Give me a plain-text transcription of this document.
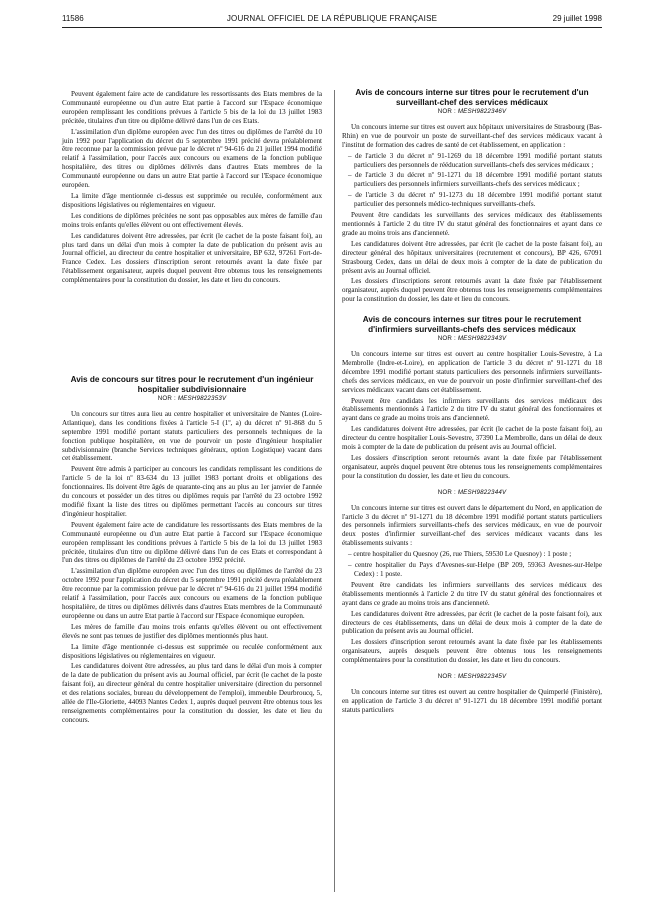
11586	JOURNAL OFFICIEL DE LA RÉPUBLIQUE FRANÇAISE	29 juillet 1998

Peuvent également faire acte de candidature les ressortissants des Etats membres de la Communauté européenne ou d'un autre Etat partie à l'accord sur l'Espace économique européen remplissant les conditions prévues à l'article 5 bis de la loi du 13 juillet 1983 précitée, titulaires d'un titre ou diplôme délivré dans l'un de ces Etats.

L'assimilation d'un diplôme européen avec l'un des titres ou diplômes de l'arrêté du 10 juin 1992 pour l'application du décret du 5 septembre 1991 précité devra préalablement être reconnue par la commission prévue par le décret nº 94-616 du 21 juillet 1994 modifié relatif à l'assimilation, pour l'accès aux concours ou examens de la fonction publique hospitalière, des titres ou diplômes délivrés dans d'autres Etats membres de la Communauté européenne ou dans un autre Etat partie à l'accord sur l'Espace économique européen.

La limite d'âge mentionnée ci-dessus est supprimée ou reculée, conformément aux dispositions législatives ou réglementaires en vigueur.

Les conditions de diplômes précitées ne sont pas opposables aux mères de famille d'au moins trois enfants qu'elles élèvent ou ont effectivement élevés.

Les candidatures doivent être adressées, par écrit (le cachet de la poste faisant foi), au plus tard dans un délai d'un mois à compter la date de publication du présent avis au Journal officiel, au directeur du centre hospitalier et universitaire, BP 632, 97261 Fort-de-France Cedex. Les dossiers d'inscription seront retournés avant la date fixée par l'établissement organisateur, auprès duquel peuvent être obtenus tous les renseignements complémentaires pour la constitution du dossier, les date et lieu du concours.

Avis de concours sur titres pour le recrutement d'un ingénieur hospitalier subdivisionnaire
NOR : MESH9822353V

Un concours sur titres aura lieu au centre hospitalier et universitaire de Nantes (Loire-Atlantique), dans les conditions fixées à l'article 5-I (1º, a) du décret nº 91-868 du 5 septembre 1991 modifié portant statuts particuliers des personnels techniques de la fonction publique hospitalière, en vue de pourvoir un poste d'ingénieur hospitalier subdivisionnaire (branche Services techniques généraux, option Logistique) vacant dans cet établissement.

Peuvent être admis à participer au concours les candidats remplissant les conditions de l'article 5 de la loi nº 83-634 du 13 juillet 1983 portant droits et obligations des fonctionnaires. Ils doivent être âgés de quarante-cinq ans au plus au 1er janvier de l'année du concours et posséder un des titres ou diplômes requis par l'arrêté du 23 octobre 1992 modifié fixant la liste des titres ou diplômes permettant l'accès au concours sur titres d'ingénieur hospitalier.

Peuvent également faire acte de candidature les ressortissants des Etats membres de la Communauté européenne ou d'un autre Etat partie à l'accord sur l'Espace économique européen remplissant les conditions prévues à l'article 5 bis de la loi du 13 juillet 1983 précitée, titulaires d'un titre ou diplôme délivré dans l'un de ces Etats et correspondant à l'un des titres ou diplômes de l'arrêté du 23 octobre 1992 précité.

L'assimilation d'un diplôme européen avec l'un des titres ou diplômes de l'arrêté du 23 octobre 1992 pour l'application du décret du 5 septembre 1991 précité devra préalablement être reconnue par la commission prévue par le décret nº 94-616 du 21 juillet 1994 modifié relatif à l'assimilation, pour l'accès aux concours ou examens de la fonction publique hospitalière, de titres ou diplômes délivrés dans d'autres Etats membres de la Communauté européenne ou dans un autre Etat partie à l'accord sur l'Espace économique européen.

Les mères de famille d'au moins trois enfants qu'elles élèvent ou ont effectivement élevés ne sont pas tenues de justifier des diplômes mentionnés plus haut.

La limite d'âge mentionnée ci-dessus est supprimée ou reculée conformément aux dispositions législatives ou réglementaires en vigueur.

Les candidatures doivent être adressées, au plus tard dans le délai d'un mois à compter de la date de publication du présent avis au Journal officiel, par écrit (le cachet de la poste faisant foi), au directeur général du centre hospitalier universitaire (direction du personnel et des relations sociales, bureau du développement de l'emploi), immeuble Deurbroucq, 5, allée de l'Ile-Gloriette, 44093 Nantes Cedex 1, auprès duquel peuvent être obtenus tous les renseignements complémentaires pour la constitution du dossier, les date et lieu du concours.

Avis de concours interne sur titres pour le recrutement d'un surveillant-chef des services médicaux
NOR : MESH9822346V

Un concours interne sur titres est ouvert aux hôpitaux universitaires de Strasbourg (Bas-Rhin) en vue de pourvoir un poste de surveillant-chef des services médicaux vacant à l'institut de formation des cadres de santé de cet établissement, en application :

– de l'article 3 du décret nº 91-1269 du 18 décembre 1991 modifié portant statuts particuliers des personnels de rééducation surveillants-chefs des services médicaux ;

– de l'article 3 du décret nº 91-1271 du 18 décembre 1991 modifié portant statuts particuliers des personnels infirmiers surveillants-chefs des services médicaux ;

– de l'article 3 du décret nº 91-1273 du 18 décembre 1991 modifié portant statut particulier des personnels médico-techniques surveillants-chefs.

Peuvent être candidats les surveillants des services médicaux des établissements mentionnés à l'article 2 du titre IV du statut général des fonctionnaires et ayant dans ce grade au moins trois ans d'ancienneté.

Les candidatures doivent être adressées, par écrit (le cachet de la poste faisant foi), au directeur général des hôpitaux universitaires (recrutement et concours), BP 426, 67091 Strasbourg Cedex, dans un délai de deux mois à compter de la date de publication du présent avis au Journal officiel.

Les dossiers d'inscriptions seront retournés avant la date fixée par l'établissement organisateur, auprès duquel peuvent être obtenus tous les renseignements complémentaires pour la constitution du dossier, les date et lieu du concours.

Avis de concours internes sur titres pour le recrutement d'infirmiers surveillants-chefs des services médicaux
NOR : MESH9822343V

Un concours interne sur titres est ouvert au centre hospitalier Louis-Sevestre, à La Membrolle (Indre-et-Loire), en application de l'article 3 du décret nº 91-1271 du 18 décembre 1991 modifié portant statuts particuliers des personnels infirmiers surveillants-chefs des services médicaux, en vue de pourvoir un poste d'infirmier surveillant-chef des services médicaux vacant dans cet établissement.

Peuvent être candidats les infirmiers surveillants des services médicaux des établissements mentionnés à l'article 2 du titre IV du statut général des fonctionnaires et ayant dans ce grade au moins trois ans d'ancienneté.

Les candidatures doivent être adressées, par écrit (le cachet de la poste faisant foi), au directeur du centre hospitalier Louis-Sevestre, 37390 La Membrolle, dans un délai de deux mois à compter de la date de publication du présent avis au Journal officiel.

Les dossiers d'inscription seront retournés avant la date fixée par l'établissement organisateur, auprès duquel peuvent être obtenus tous les renseignements complémentaires pour la constitution du dossier, les date et lieu du concours.

NOR : MESH9822344V

Un concours interne sur titres est ouvert dans le département du Nord, en application de l'article 3 du décret nº 91-1271 du 18 décembre 1991 modifié portant statuts particuliers des personnels infirmiers surveillants-chefs des services médicaux, en vue de pourvoir deux postes d'infirmier surveillant-chef des services médicaux vacants dans les établissements suivants :

– centre hospitalier du Quesnoy (26, rue Thiers, 59530 Le Quesnoy) : 1 poste ;

– centre hospitalier du Pays d'Avesnes-sur-Helpe (BP 209, 59363 Avesnes-sur-Helpe Cedex) : 1 poste.

Peuvent être candidats les infirmiers surveillants des services médicaux des établissements mentionnés à l'article 2 du titre IV du statut général des fonctionnaires et ayant dans ce grade au moins trois ans d'ancienneté.

Les candidatures doivent être adressées, par écrit (le cachet de la poste faisant foi), aux directeurs de ces établissements, dans un délai de deux mois à compter de la date de publication du présent avis au Journal officiel.

Les dossiers d'inscription seront retournés avant la date fixée par les établissements organisateurs, auprès desquels peuvent être obtenus tous les renseignements complémentaires pour la constitution du dossier, les date et lieu du concours.

NOR : MESH9822345V

Un concours interne sur titres est ouvert au centre hospitalier de Quimperlé (Finistère), en application de l'article 3 du décret nº 91-1271 du 18 décembre 1991 modifié portant statuts particuliers
